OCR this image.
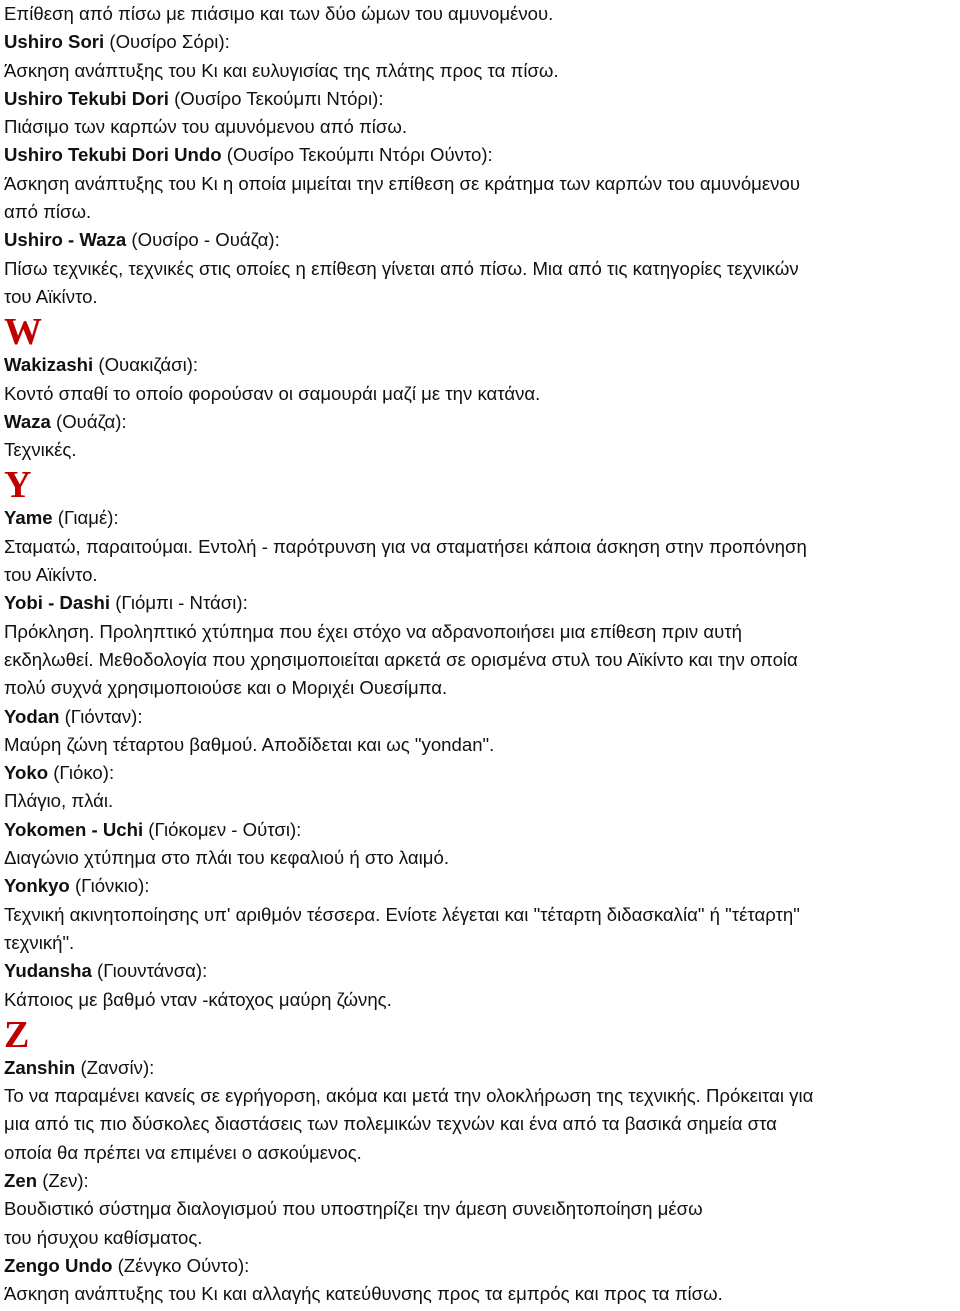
Επίθεση από πίσω με πιάσιμο και των δύο ώμων του αμυνομένου.
Ushiro Sori (Ουσίρο Σόρι):
Άσκηση ανάπτυξης του Κι και ευλυγισίας της πλάτης προς τα πίσω.
Ushiro Tekubi Dori (Ουσίρο Τεκούμπι Ντόρι):
Πιάσιμο των καρπών του αμυνόμενου από πίσω.
Ushiro Tekubi Dori Undo (Ουσίρο Τεκούμπι Ντόρι Ούντο):
Άσκηση ανάπτυξης του Κι η οποία μιμείται την επίθεση σε κράτημα των καρπών του αμυνόμενου
από πίσω.
Ushiro - Waza (Ουσίρο - Ουάζα):
Πίσω τεχνικές, τεχνικές στις οποίες η επίθεση γίνεται από πίσω. Μια από τις κατηγορίες τεχνικών
του Αϊκίντο.
W
Wakizashi (Ουακιζάσι):
Κοντό σπαθί το οποίο φορούσαν οι σαμουράι μαζί με την κατάνα.
Waza (Ουάζα):
Τεχνικές.
Y
Yame (Γιαμέ):
Σταματώ, παραιτούμαι. Εντολή - παρότρυνση για να σταματήσει κάποια άσκηση στην προπόνηση
του Αϊκίντο.
Yobi - Dashi (Γιόμπι - Ντάσι):
Πρόκληση. Προληπτικό χτύπημα που έχει στόχο να αδρανοποιήσει μια επίθεση πριν αυτή
εκδηλωθεί. Μεθοδολογία που χρησιμοποιείται αρκετά σε ορισμένα στυλ του Αϊκίντο και την οποία
πολύ συχνά χρησιμοποιούσε και ο Μοριχέι Ουεσίμπα.
Yodan (Γιόνταν):
Μαύρη ζώνη τέταρτου βαθμού. Αποδίδεται και ως "yondan".
Yoko (Γιόκο):
Πλάγιο, πλάι.
Yokomen - Uchi (Γιόκομεν - Ούτσι):
Διαγώνιο χτύπημα στο πλάι του κεφαλιού ή στο λαιμό.
Yonkyo (Γιόνκιο):
Τεχνική ακινητοποίησης υπ' αριθμόν τέσσερα. Ενίοτε λέγεται και "τέταρτη διδασκαλία" ή "τέταρτη"
τεχνική".
Yudansha (Γιουντάνσα):
Κάποιος με βαθμό νταν -κάτοχος μαύρη ζώνης.
Z
Zanshin (Ζανσίν):
Το να παραμένει κανείς σε εγρήγορση, ακόμα και μετά την ολοκλήρωση της τεχνικής. Πρόκειται για
μια από τις πιο δύσκολες διαστάσεις των πολεμικών τεχνών και ένα από τα βασικά σημεία στα
οποία θα πρέπει να επιμένει ο ασκούμενος.
Zen (Ζεν):
Βουδιστικό σύστημα διαλογισμού που υποστηρίζει την άμεση συνειδητοποίηση μέσω
του ήσυχου καθίσματος.
Zengo Undo (Ζένγκο Ούντο):
Άσκηση ανάπτυξης του Κι και αλλαγής κατεύθυνσης προς τα εμπρός και προς τα πίσω.
